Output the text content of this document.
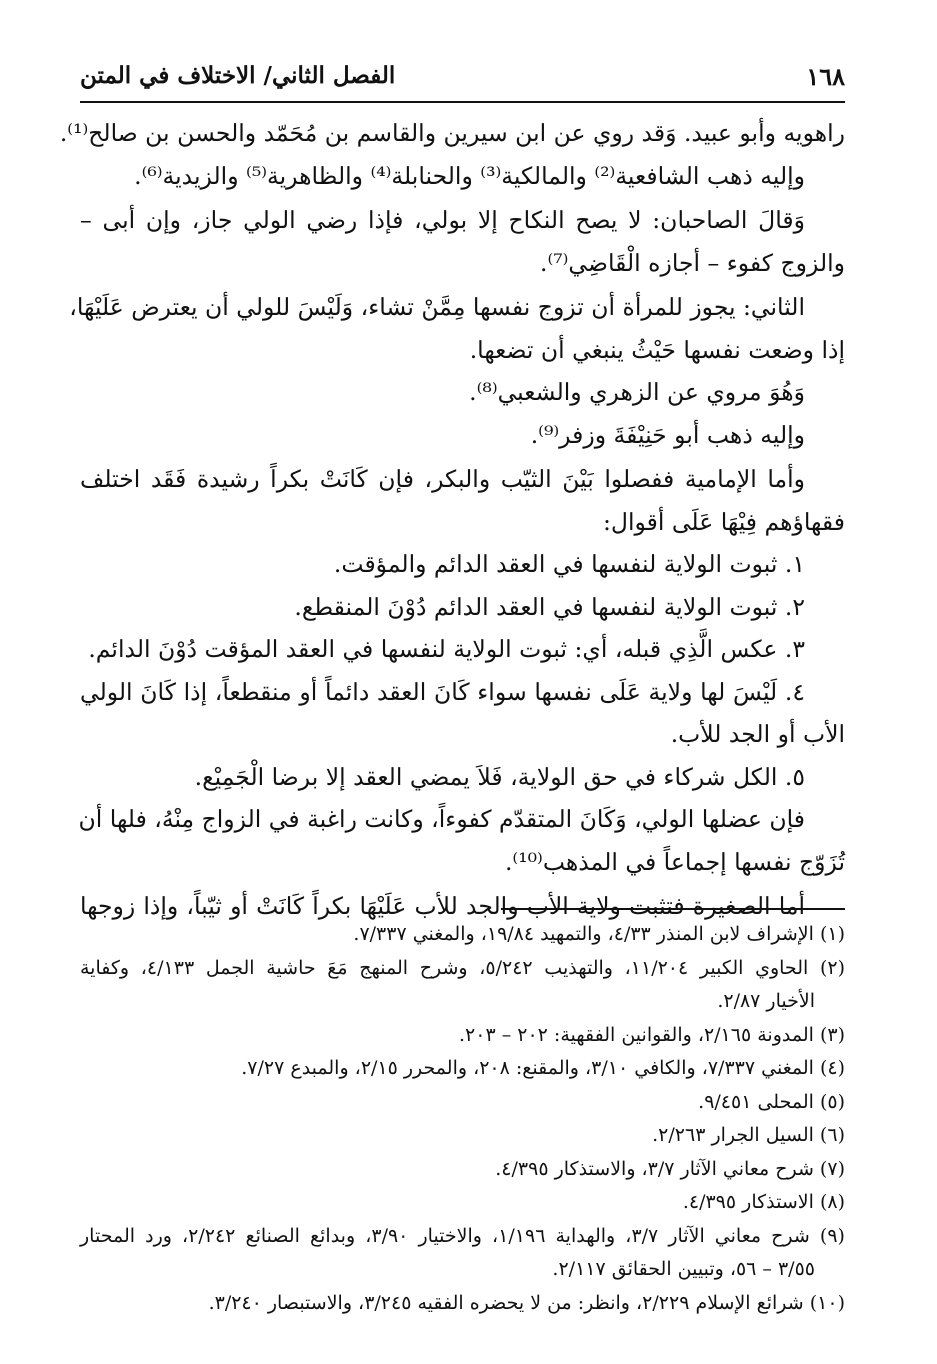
١٦٨
الفصل الثاني/ الاختلاف في المتن
راهويه وأبو عبيد. وَقد روي عن ابن سيرين والقاسم بن مُحَمّد والحسن بن صالح⁽¹⁾.
وإليه ذهب الشافعية⁽²⁾ والمالكية⁽³⁾ والحنابلة⁽⁴⁾ والظاهرية⁽⁵⁾ والزيدية⁽⁶⁾.
وَقالَ الصاحبان: لا يصح النكاح إلا بولي، فإذا رضي الولي جاز، وإن أبى –
والزوج كفوء – أجازه الْقَاضِي⁽⁷⁾.
الثاني: يجوز للمرأة أن تزوج نفسها مِمَّنْ تشاء، وَلَيْسَ للولي أن يعترض عَلَيْهَا،
إذا وضعت نفسها حَيْثُ ينبغي أن تضعها.
وَهُوَ مروي عن الزهري والشعبي⁽⁸⁾.
وإليه ذهب أبو حَنِيْفَةَ وزفر⁽⁹⁾.
وأما الإمامية ففصلوا بَيْنَ الثيّب والبكر، فإن كَانَتْ بكراً رشيدة فَقَد اختلف
فقهاؤهم فِيْهَا عَلَى أقوال:
١. ثبوت الولاية لنفسها في العقد الدائم والمؤقت.
٢. ثبوت الولاية لنفسها في العقد الدائم دُوْنَ المنقطع.
٣. عكس الَّذِي قبله، أي: ثبوت الولاية لنفسها في العقد المؤقت دُوْنَ الدائم.
٤. لَيْسَ لها ولاية عَلَى نفسها سواء كَانَ العقد دائماً أو منقطعاً، إذا كَانَ الولي
الأب أو الجد للأب.
٥. الكل شركاء في حق الولاية، فَلاَ يمضي العقد إلا برضا الْجَمِيْع.
فإن عضلها الولي، وَكَانَ المتقدّم كفوءاً، وكانت راغبة في الزواج مِنْهُ، فلها أن
تُزَوّج نفسها إجماعاً في المذهب⁽¹⁰⁾.
أما الصغيرة فتثبت ولاية الأب والجد للأب عَلَيْهَا بكراً كَانَتْ أو ثيّباً، وإذا زوجها
(١) الإشراف لابن المنذر ٤/٣٣، والتمهيد ١٩/٨٤، والمغني ٧/٣٣٧.
(٢) الحاوي الكبير ١١/٢٠٤، والتهذيب ٥/٢٤٢، وشرح المنهج مَعَ حاشية الجمل ٤/١٣٣، وكفاية
الأخيار ٢/٨٧.
(٣) المدونة ٢/١٦٥، والقوانين الفقهية: ٢٠٢ – ٢٠٣.
(٤) المغني ٧/٣٣٧، والكافي ٣/١٠، والمقنع: ٢٠٨، والمحرر ٢/١٥، والمبدع ٧/٢٧.
(٥) المحلى ٩/٤٥١.
(٦) السيل الجرار ٢/٢٦٣.
(٧) شرح معاني الآثار ٣/٧، والاستذكار ٤/٣٩٥.
(٨) الاستذكار ٤/٣٩٥.
(٩) شرح معاني الآثار ٣/٧، والهداية ١/١٩٦، والاختيار ٣/٩٠، وبدائع الصنائع ٢/٢٤٢، ورد المحتار
٣/٥٥ – ٥٦، وتبيين الحقائق ٢/١١٧.
(١٠) شرائع الإسلام ٢/٢٢٩، وانظر: من لا يحضره الفقيه ٣/٢٤٥، والاستبصار ٣/٢٤٠.
